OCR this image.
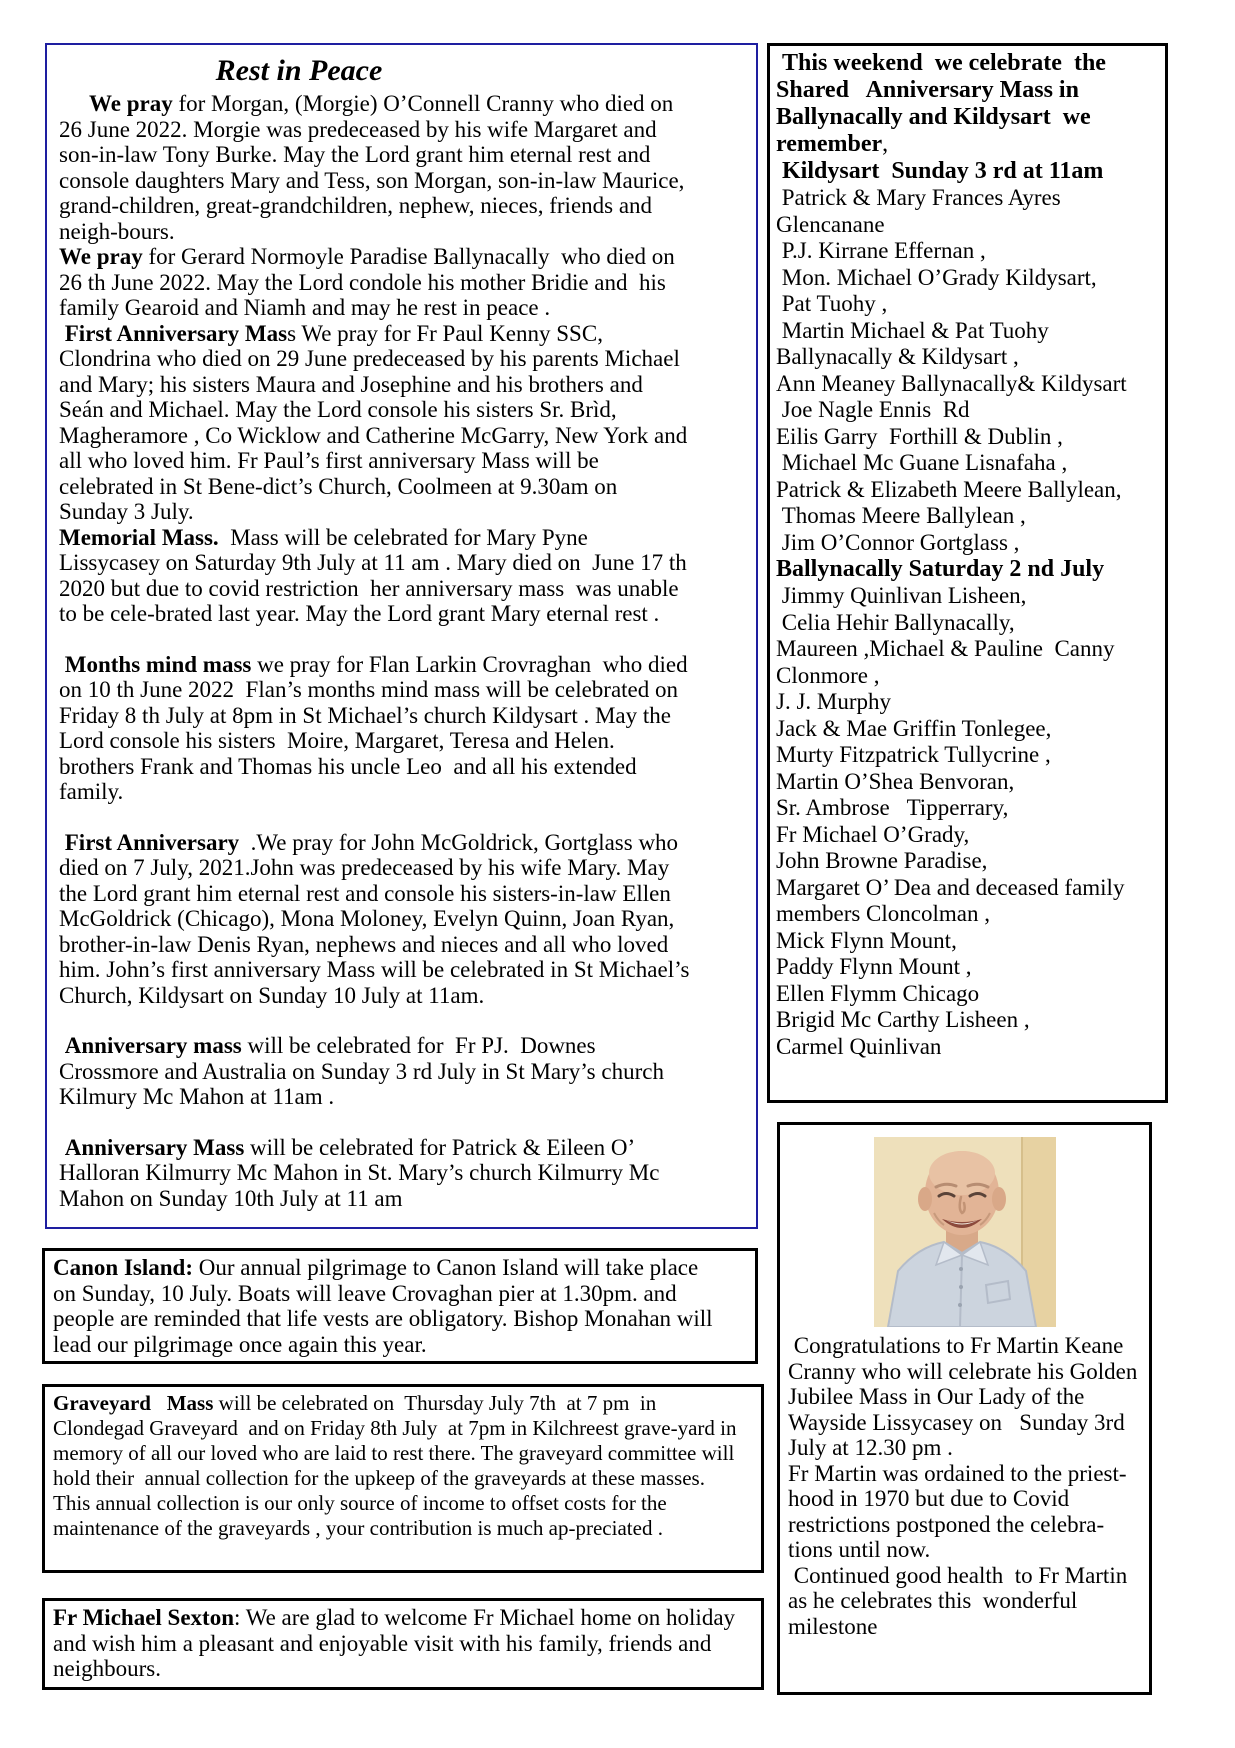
Rest in Peace

We pray for Morgan, (Morgie) O’Connell Cranny who died on 26 June 2022. Morgie was predeceased by his wife Margaret and son-in-law Tony Burke. May the Lord grant him eternal rest and console daughters Mary and Tess, son Morgan, son-in-law Maurice, grand-children, great-grandchildren, nephew, nieces, friends and neigh-bours.

We pray for Gerard Normoyle Paradise Ballynacally  who died on 26 th June 2022. May the Lord condole his mother Bridie and  his family Gearoid and Niamh and may he rest in peace .

First Anniversary Mass We pray for Fr Paul Kenny SSC, Clondrina who died on 29 June predeceased by his parents Michael and Mary; his sisters Maura and Josephine and his brothers and Seán and Michael. May the Lord console his sisters Sr. Brìd, Magheramore , Co Wicklow and Catherine McGarry, New York and all who loved him. Fr Paul’s first anniversary Mass will be celebrated in St Bene-dict’s Church, Coolmeen at 9.30am on Sunday 3 July.

Memorial Mass.  Mass will be celebrated for Mary Pyne Lissycasey on Saturday 9th July at 11 am . Mary died on  June 17 th 2020 but due to covid restriction  her anniversary mass  was unable to be cele-brated last year. May the Lord grant Mary eternal rest .

Months mind mass we pray for Flan Larkin Crovraghan  who died on 10 th June 2022  Flan’s months mind mass will be celebrated on Friday 8 th July at 8pm in St Michael’s church Kildysart . May the Lord console his sisters  Moire, Margaret, Teresa and Helen. brothers Frank and Thomas his uncle Leo  and all his extended family.

First Anniversary  .We pray for John McGoldrick, Gortglass who died on 7 July, 2021.John was predeceased by his wife Mary. May the Lord grant him eternal rest and console his sisters-in-law Ellen McGoldrick (Chicago), Mona Moloney, Evelyn Quinn, Joan Ryan, brother-in-law Denis Ryan, nephews and nieces and all who loved him. John’s first anniversary Mass will be celebrated in St Michael’s Church, Kildysart on Sunday 10 July at 11am.

Anniversary mass will be celebrated for  Fr PJ.  Downes Crossmore and Australia on Sunday 3 rd July in St Mary’s church Kilmury Mc Mahon at 11am .

Anniversary Mass will be celebrated for Patrick & Eileen O’ Halloran Kilmurry Mc Mahon in St. Mary’s church Kilmurry Mc Mahon on Sunday 10th July at 11 am

Canon Island: Our annual pilgrimage to Canon Island will take place on Sunday, 10 July. Boats will leave Crovaghan pier at 1.30pm. and people are reminded that life vests are obligatory. Bishop Monahan will lead our pilgrimage once again this year.

Graveyard   Mass will be celebrated on  Thursday July 7th  at 7 pm  in Clondegad Graveyard  and on Friday 8th July  at 7pm in Kilchreest grave-yard in memory of all our loved who are laid to rest there. The graveyard committee will hold their  annual collection for the upkeep of the graveyards at these masses. This annual collection is our only source of income to offset costs for the maintenance of the graveyards , your contribution is much ap-preciated .

Fr Michael Sexton: We are glad to welcome Fr Michael home on holiday and wish him a pleasant and enjoyable visit with his family, friends and neighbours.

This weekend  we celebrate  the Shared   Anniversary Mass in Ballynacally and Kildysart  we remember,

Kildysart  Sunday 3 rd at 11am
Patrick & Mary Frances Ayres Glencanane
P.J. Kirrane Effernan ,
Mon. Michael O’Grady Kildysart,
Pat Tuohy ,
Martin Michael & Pat Tuohy Ballynacally & Kildysart ,
Ann Meaney Ballynacally& Kildysart
Joe Nagle Ennis  Rd
Eilis Garry  Forthill & Dublin ,
Michael Mc Guane Lisnafaha ,
Patrick & Elizabeth Meere Ballylean,
Thomas Meere Ballylean ,
Jim O’Connor Gortglass ,
Ballynacally Saturday 2 nd July
Jimmy Quinlivan Lisheen,
Celia Hehir Ballynacally,
Maureen ,Michael & Pauline  Canny Clonmore ,
J. J. Murphy
Jack & Mae Griffin Tonlegee,
Murty Fitzpatrick Tullycrine ,
Martin O’Shea Benvoran,
Sr. Ambrose   Tipperrary,
Fr Michael O’Grady,
John Browne Paradise,
Margaret O’ Dea and deceased family members Cloncolman ,
Mick Flynn Mount,
Paddy Flynn Mount ,
Ellen Flymm Chicago
Brigid Mc Carthy Lisheen ,
Carmel Quinlivan

Congratulations to Fr Martin Keane Cranny who will celebrate his Golden Jubilee Mass in Our Lady of the Wayside Lissycasey on   Sunday 3rd July at 12.30 pm .

Fr Martin was ordained to the priest-hood in 1970 but due to Covid restrictions postponed the celebra-tions until now.

Continued good health  to Fr Martin as he celebrates this  wonderful milestone
